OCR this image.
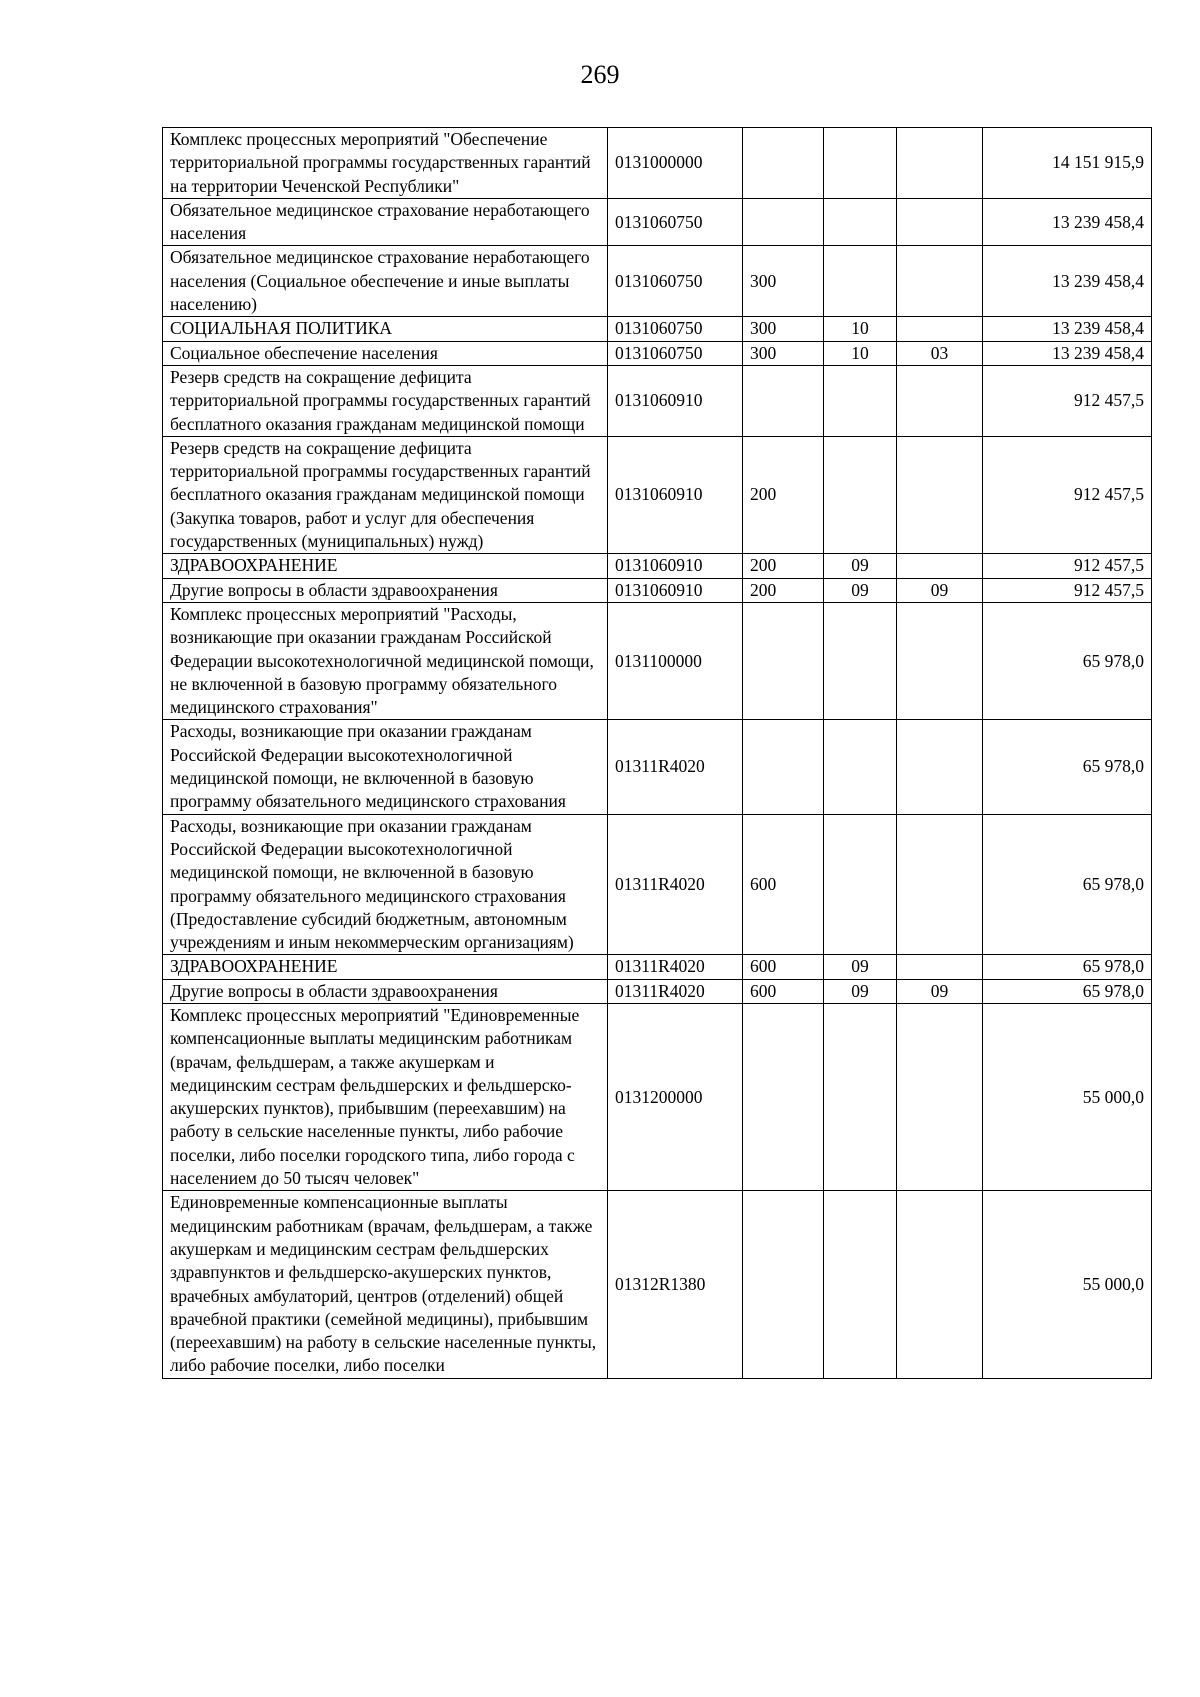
269
Комплекс процессных мероприятий "Обеспечение территориальной программы государственных гарантий на территории Чеченской Республики"	0131000000				14 151 915,9
Обязательное медицинское страхование неработающего населения	0131060750				13 239 458,4
Обязательное медицинское страхование неработающего населения (Социальное обеспечение и иные выплаты населению)	0131060750	300			13 239 458,4
СОЦИАЛЬНАЯ ПОЛИТИКА	0131060750	300	10		13 239 458,4
Социальное обеспечение населения	0131060750	300	10	03	13 239 458,4
Резерв средств на сокращение дефицита территориальной программы государственных гарантий бесплатного оказания гражданам медицинской помощи	0131060910				912 457,5
Резерв средств на сокращение дефицита территориальной программы государственных гарантий бесплатного оказания гражданам медицинской помощи (Закупка товаров, работ и услуг для обеспечения государственных (муниципальных) нужд)	0131060910	200			912 457,5
ЗДРАВООХРАНЕНИЕ	0131060910	200	09		912 457,5
Другие вопросы в области здравоохранения	0131060910	200	09	09	912 457,5
Комплекс процессных мероприятий "Расходы, возникающие при оказании гражданам Российской Федерации высокотехнологичной медицинской помощи, не включенной в базовую программу обязательного медицинского страхования"	0131100000				65 978,0
Расходы, возникающие при оказании гражданам Российской Федерации высокотехнологичной медицинской помощи, не включенной в базовую программу обязательного медицинского страхования	01311R4020				65 978,0
Расходы, возникающие при оказании гражданам Российской Федерации высокотехнологичной медицинской помощи, не включенной в базовую программу обязательного медицинского страхования (Предоставление субсидий бюджетным, автономным учреждениям и иным некоммерческим организациям)	01311R4020	600			65 978,0
ЗДРАВООХРАНЕНИЕ	01311R4020	600	09		65 978,0
Другие вопросы в области здравоохранения	01311R4020	600	09	09	65 978,0
Комплекс процессных мероприятий "Единовременные компенсационные выплаты медицинским работникам (врачам, фельдшерам, а также акушеркам и медицинским сестрам фельдшерских и фельдшерско-акушерских пунктов), прибывшим (переехавшим) на работу в сельские населенные пункты, либо рабочие поселки, либо поселки городского типа, либо города с населением до 50 тысяч человек"	0131200000				55 000,0
Единовременные компенсационные выплаты медицинским работникам (врачам, фельдшерам, а также акушеркам и медицинским сестрам фельдшерских здравпунктов и фельдшерско-акушерских пунктов, врачебных амбулаторий, центров (отделений) общей врачебной практики (семейной медицины), прибывшим (переехавшим) на работу в сельские населенные пункты, либо рабочие поселки, либо поселки	01312R1380				55 000,0
